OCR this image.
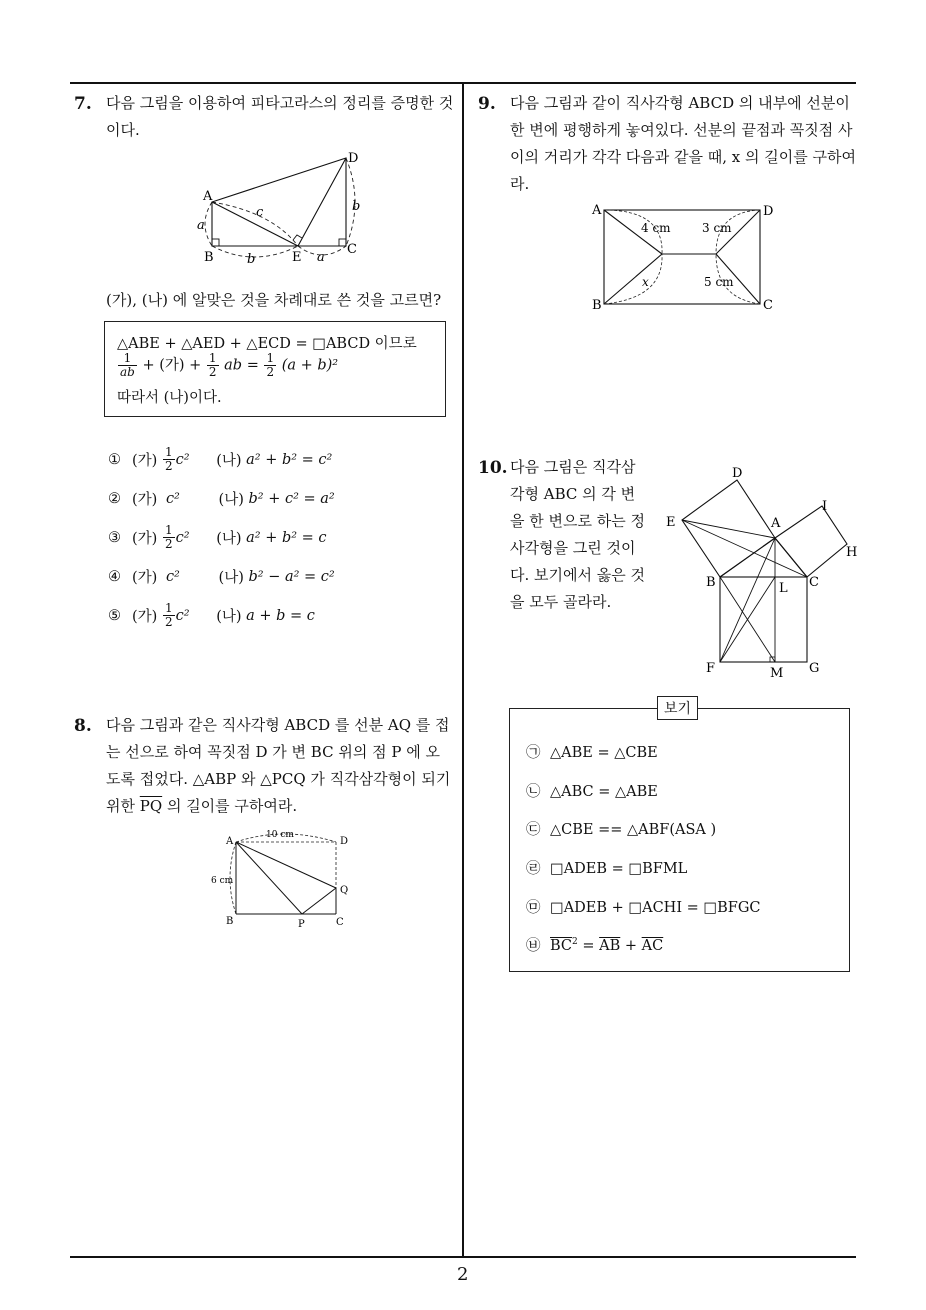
7. 다음 그림을 이용하여 피타고라스의 정리를 증명한 것이다.
A
D
B	E
C
a
c	b
b	a
(가), (나) 에 알맞은 것을 차례대로 쓴 것을 고르면?
△ABE + △AED + △ECD = □ABCD 이므로
$\frac{1}{ab}$ + (가) + $\frac{1}{2}$ ab = $\frac{1}{2} (a + b)^2$
따라서 (나)이다.
① (가) $\frac{1}{2} c^2$ (나) a² + b² = c²
② (가) c²	(나) b² + c² = a²
③ (가) $\frac{1}{2} c^2$ (나) a² + b² = c
④ (가) c²	(나) b² − a² = c²
⑤ (가) $\frac{1}{2} c^2$ (나) a + b = c
8. 다음 그림과 같은 직사각형 ABCD 를 선분 AQ 를 접
는 선으로 하여 꼭짓점 D 가 변 BC 위의 점 P 에 오
도록 접었다. △ABP 와 △PCQ 가 직각삼각형이 되기
위한 $\overline{PQ}$ 의 길이를 구하여라.
A	D
B	P	C
Q
10 cm
6 cm
9. 다음 그림과 같이 직사각형 ABCD 의 내부에 선분이
한 변에 평행하게 놓여있다. 선분의 끝점과 꼭짓점 사
이의 거리가 각각 다음과 같을 때, x 의 길이를 구하여
라.
A	D
B	C
4 cm	3 cm
5 cm
x
10. 다음 그림은 직각삼
각형 ABC 의 각 변
을 한 변으로 하는 정
사각형을 그린 것이
다. 보기에서 옳은 것
을 모두 골라라.
D
I
E	A
H
B	L C
F	M G
보기
㉠ △ABE = △CBE
㉡ △ABC = △ABE
㉢ △CBE == △ABF(ASA )
㉣ □ADEB = □BFML
㉤ □ADEB + □ACHI = □BFGC
㉥ $\overline{BC}^2 = \overline{AB} + \overline{AC}$
2
